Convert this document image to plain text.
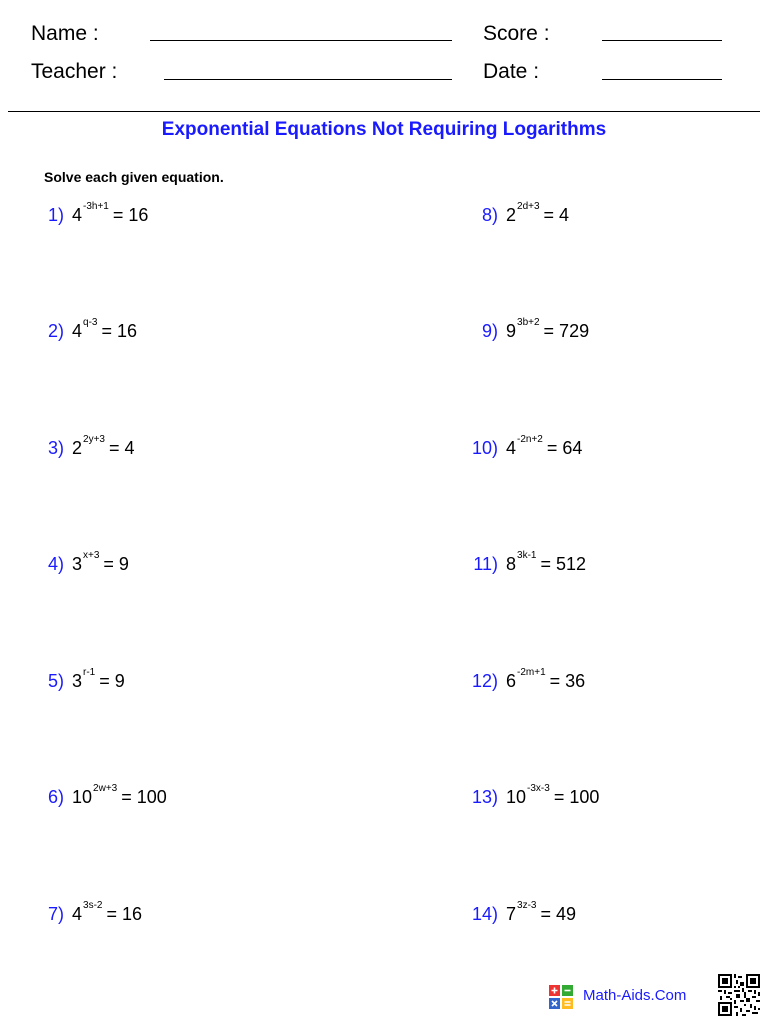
Name :
Teacher :
Score :
Date :
Exponential Equations Not Requiring Logarithms
Solve each given equation.
1) $4^{-3h+1} = 16$
2) $4^{q-3} = 16$
3) $2^{2y+3} = 4$
4) $3^{x+3} = 9$
5) $3^{r-1} = 9$
6) $10^{2w+3} = 100$
7) $4^{3s-2} = 16$
8) $2^{2d+3} = 4$
9) $9^{3b+2} = 729$
10) $4^{-2n+2} = 64$
11) $8^{3k-1} = 512$
12) $6^{-2m+1} = 36$
13) $10^{-3x-3} = 100$
14) $7^{3z-3} = 49$
Math-Aids.Com
